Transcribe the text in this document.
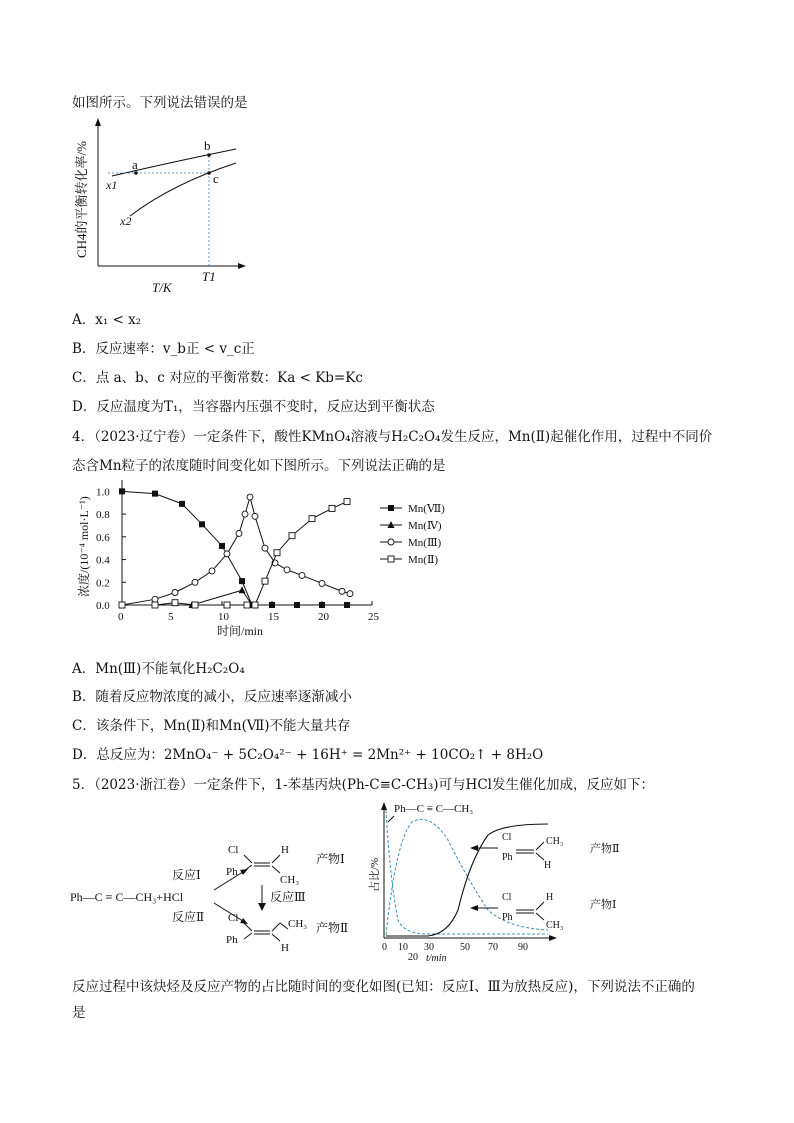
如图所示。下列说法错误的是
CH4的平衡转化率/%	a
b
c
x1
x2
T1
T/K
A．x₁ < x₂
B．反应速率：v_b正 < v_c正
C．点 a、b、c 对应的平衡常数：Ka < Kb=Kc
D．反应温度为T₁，当容器内压强不变时，反应达到平衡状态
4．（2023·辽宁卷）一定条件下，酸性KMnO₄溶液与H₂C₂O₄发生反应，Mn(Ⅱ)起催化作用，过程中不同价
态含Mn粒子的浓度随时间变化如下图所示。下列说法正确的是
0.0
0.2
0.4
0.6
0.8
1.0
0	5	10	15	20	25
时间/min
浓度/(10⁻⁴ mol·L⁻¹)	Mn(Ⅶ)
Mn(Ⅳ)
Mn(Ⅲ)
Mn(Ⅱ)
A．Mn(Ⅲ)不能氧化H₂C₂O₄
B．随着反应物浓度的减小，反应速率逐渐减小
C．该条件下，Mn(Ⅱ)和Mn(Ⅶ)不能大量共存
D．总反应为：2MnO₄⁻ + 5C₂O₄²⁻ + 16H⁺ = 2Mn²⁺ + 10CO₂↑ + 8H₂O
5．（2023·浙江卷）一定条件下，1-苯基丙炔(Ph-C≡C-CH₃)可与HCl发生催化加成，反应如下：
Ph—C ≡ C—CH₃+HCl
反应Ⅰ
反应Ⅱ
Cl
Ph
H
CH₃
产物Ⅰ
反应Ⅲ
Cl
Ph
CH₃
H
产物Ⅱ
占比/%
0 10 30	50 70 90
20 t/min
Ph—C ≡ C—CH₃
Cl
Ph
CH₃
H
产物Ⅱ
Cl
Ph
H
CH₃
产物Ⅰ
反应过程中该炔烃及反应产物的占比随时间的变化如图(已知：反应Ⅰ、Ⅲ为放热反应)，下列说法不正确的
是
